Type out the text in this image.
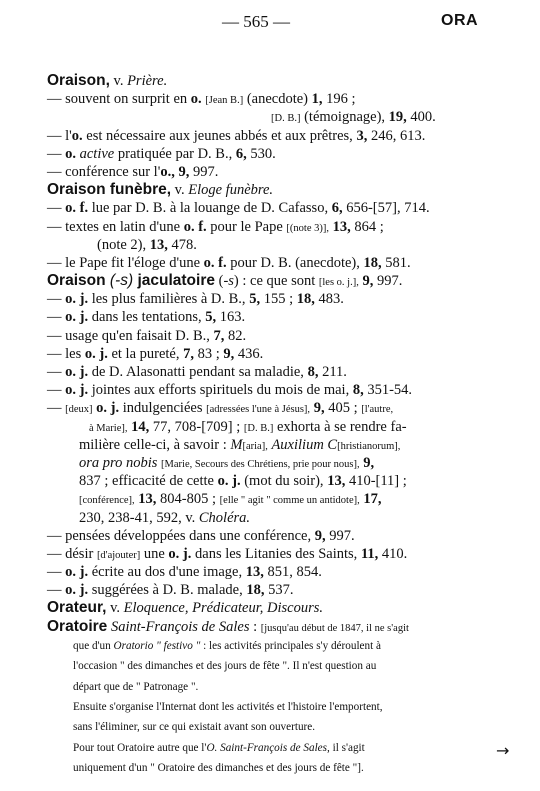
— 565 —	ORA
Oraison, v. Prière.
— souvent on surprit en o. [Jean B.] (anecdote) 1, 196 ;
[D. B.] (témoignage), 19, 400.
— l'o. est nécessaire aux jeunes abbés et aux prêtres, 3, 246, 613.
— o. active pratiquée par D. B., 6, 530.
— conférence sur l'o., 9, 997.
Oraison funèbre, v. Eloge funèbre.
— o. f. lue par D. B. à la louange de D. Cafasso, 6, 656-[57], 714.
— textes en latin d'une o. f. pour le Pape [(note 3)], 13, 864 ;
(note 2), 13, 478.
— le Pape fit l'éloge d'une o. f. pour D. B. (anecdote), 18, 581.
Oraison (-s) jaculatoire (-s) : ce que sont [les o. j.], 9, 997.
— o. j. les plus familières à D. B., 5, 155 ; 18, 483.
— o. j. dans les tentations, 5, 163.
— usage qu'en faisait D. B., 7, 82.
— les o. j. et la pureté, 7, 83 ; 9, 436.
— o. j. de D. Alasonatti pendant sa maladie, 8, 211.
— o. j. jointes aux efforts spirituels du mois de mai, 8, 351-54.
— [deux] o. j. indulgenciées [adressées l'une à Jésus], 9, 405 ; [l'autre,
à Marie], 14, 77, 708-[709] ; [D. B.] exhorta à se rendre fa-
milière celle-ci, à savoir : M[aria], Auxilium C[hristianorum],
ora pro nobis [Marie, Secours des Chrétiens, prie pour nous], 9,
837 ; efficacité de cette o. j. (mot du soir), 13, 410-[11] ;
[conférence], 13, 804-805 ; [elle " agit " comme un antidote], 17,
230, 238-41, 592, v. Choléra.
— pensées développées dans une conférence, 9, 997.
— désir [d'ajouter] une o. j. dans les Litanies des Saints, 11, 410.
— o. j. écrite au dos d'une image, 13, 851, 854.
— o. j. suggérées à D. B. malade, 18, 537.
Orateur, v. Eloquence, Prédicateur, Discours.
Oratoire Saint-François de Sales : [jusqu'au début de 1847, il ne s'agit
que d'un Oratorio " festivo " : les activités principales s'y déroulent à
l'occasion " des dimanches et des jours de fête ". Il n'est question au
départ que de " Patronage ".
Ensuite s'organise l'Internat dont les activités et l'histoire l'emportent,
sans l'éliminer, sur ce qui existait avant son ouverture.
Pour tout Oratoire autre que l'O. Saint-François de Sales, il s'agit
uniquement d'un " Oratoire des dimanches et des jours de fête "].
→
